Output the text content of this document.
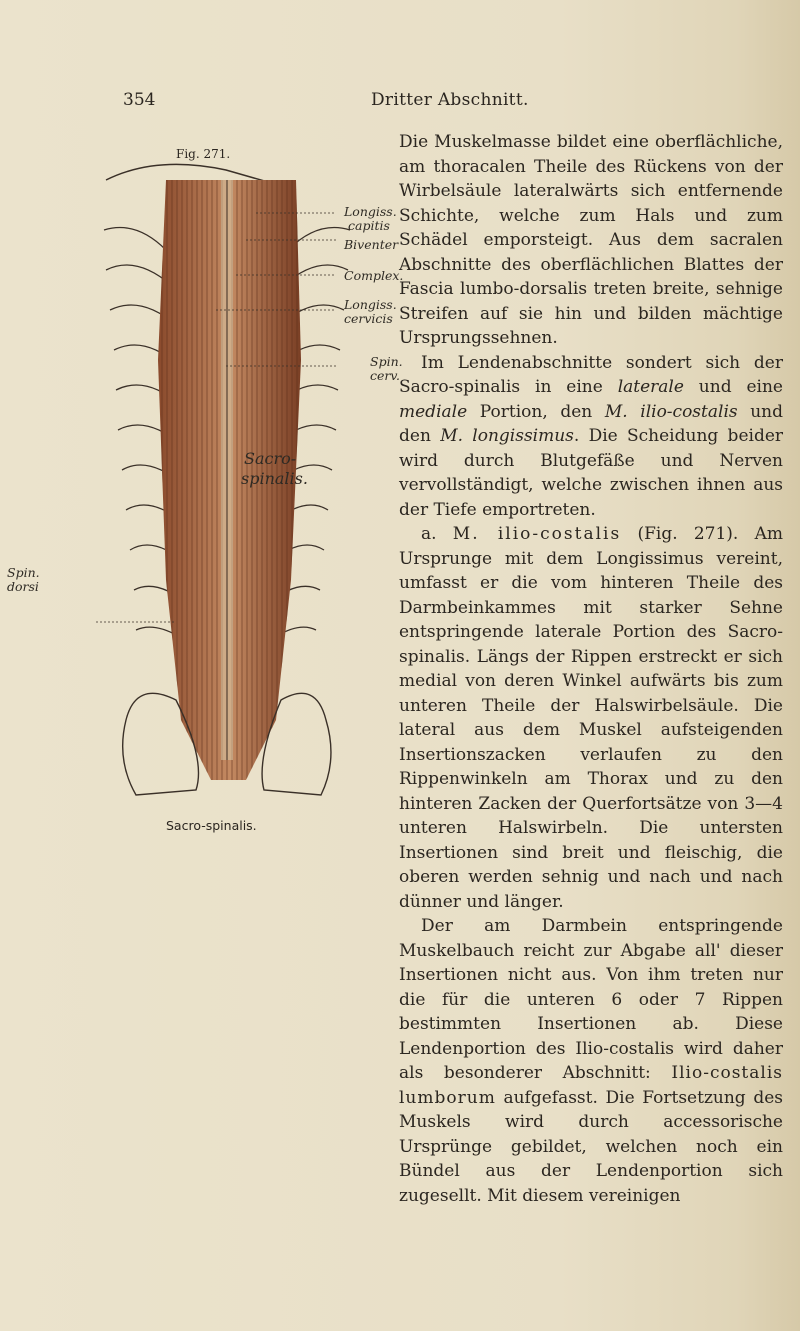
354	Dritter Abschnitt.
Fig. 271.
Sacro-
spinalis.
Longiss.
capitis
Biventer
Complex.
Longiss.
cervicis
Spin.
cerv.
Spin.
dorsi
Sacro-spinalis.

Die Muskelmasse bildet eine oberflächliche, am thoracalen Theile des Rückens von der Wirbelsäule lateralwärts sich entfernende Schichte, welche zum Hals und zum Schädel emporsteigt. Aus dem sacralen Abschnitte des oberflächlichen Blattes der Fascia lumbo-dorsalis treten breite, sehnige Streifen auf sie hin und bilden mächtige Ursprungssehnen.

Im Lendenabschnitte sondert sich der Sacro-spinalis in eine laterale und eine mediale Portion, den M. ilio-costalis und den M. longissimus. Die Scheidung beider wird durch Blutgefäße und Nerven vervollständigt, welche zwischen ihnen aus der Tiefe emportreten.

a. M. ilio-costalis (Fig. 271). Am Ursprunge mit dem Longissimus vereint, umfasst er die vom hinteren Theile des Darmbeinkammes mit starker Sehne entspringende laterale Portion des Sacro-spinalis. Längs der Rippen erstreckt er sich medial von deren Winkel aufwärts bis zum unteren Theile der Halswirbelsäule. Die lateral aus dem Muskel aufsteigenden Insertionszacken verlaufen zu den Rippenwinkeln am Thorax und zu den hinteren Zacken der Querfortsätze von 3—4 unteren Halswirbeln. Die untersten Insertionen sind breit und fleischig, die oberen werden sehnig und nach und nach dünner und länger.

Der am Darmbein entspringende Muskelbauch reicht zur Abgabe all' dieser Insertionen nicht aus. Von ihm treten nur die für die unteren 6 oder 7 Rippen bestimmten Insertionen ab. Diese Lendenportion des Ilio-costalis wird daher als besonderer Abschnitt: Ilio-costalis lumborum aufgefasst. Die Fortsetzung des Muskels wird durch accessorische Ursprünge gebildet, welchen noch ein Bündel aus der Lendenportion sich zugesellt. Mit diesem vereinigen
